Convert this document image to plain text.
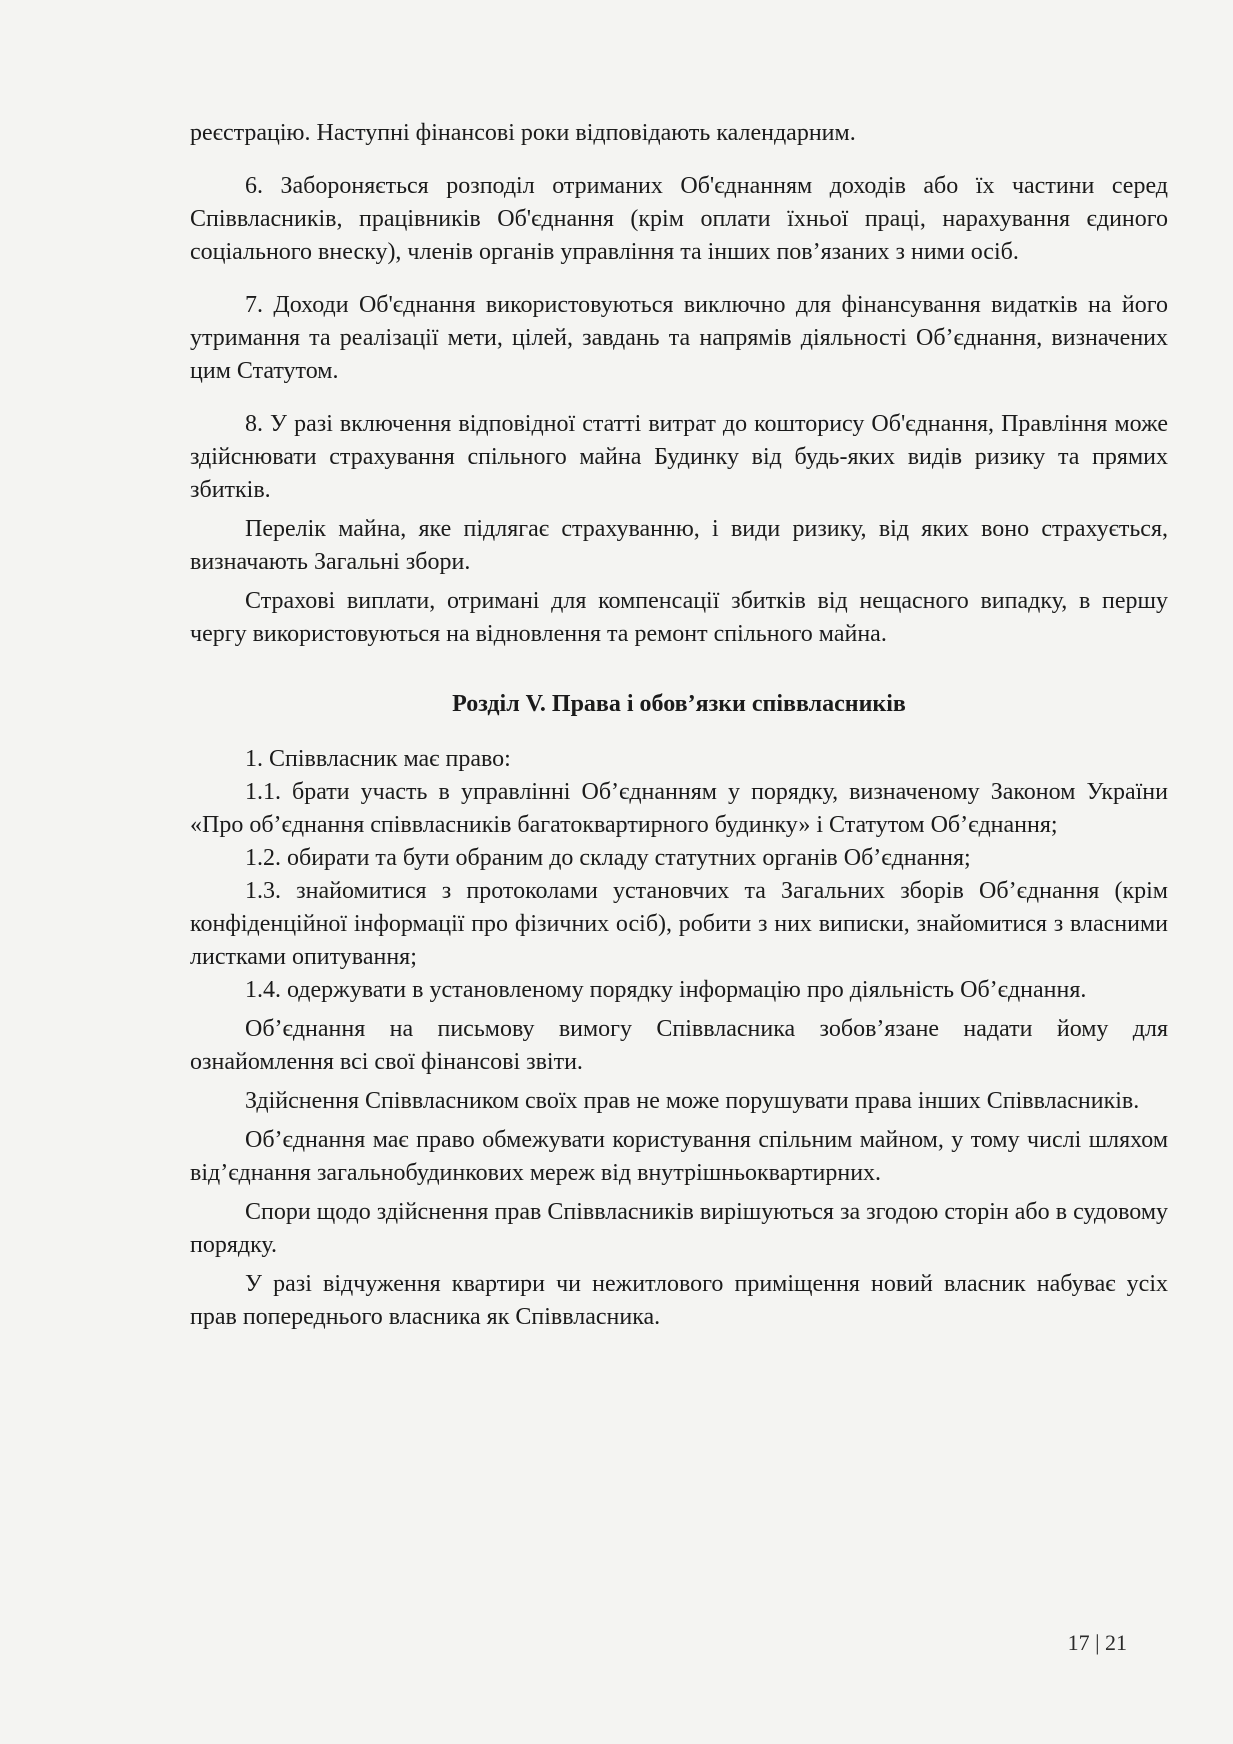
реєстрацію. Наступні фінансові роки відповідають календарним.

6. Забороняється розподіл отриманих Об'єднанням доходів або їх частини серед Співвласників, працівників Об'єднання (крім оплати їхньої праці, нарахування єдиного соціального внеску), членів органів управління та інших пов’язаних з ними осіб.

7. Доходи Об'єднання використовуються виключно для фінансування видатків на його утримання та реалізації мети, цілей, завдань та напрямів діяльності Об’єднання, визначених цим Статутом.

8. У разі включення відповідної статті витрат до кошторису Об'єднання, Правління може здійснювати страхування спільного майна Будинку від будь-яких видів ризику та прямих збитків.

Перелік майна, яке підлягає страхуванню, і види ризику, від яких воно страхується, визначають Загальні збори.

Страхові виплати, отримані для компенсації збитків від нещасного випадку, в першу чергу використовуються на відновлення та ремонт спільного майна.

Розділ V. Права і обов’язки співвласників

1. Співвласник має право:

1.1. брати участь в управлінні Об’єднанням у порядку, визначеному Законом України «Про об’єднання співвласників багатоквартирного будинку» і Статутом Об’єднання;

1.2. обирати та бути обраним до складу статутних органів Об’єднання;

1.3. знайомитися з протоколами установчих та Загальних зборів Об’єднання (крім конфіденційної інформації про фізичних осіб), робити з них виписки, знайомитися з власними листками опитування;

1.4. одержувати в установленому порядку інформацію про діяльність Об’єднання.

Об’єднання на письмову вимогу Співвласника зобов’язане надати йому для ознайомлення всі свої фінансові звіти.

Здійснення Співвласником своїх прав не може порушувати права інших Співвласників.

Об’єднання має право обмежувати користування спільним майном, у тому числі шляхом від’єднання загальнобудинкових мереж від внутрішньоквартирних.

Спори щодо здійснення прав Співвласників вирішуються за згодою сторін або в судовому порядку.

У разі відчуження квартири чи нежитлового приміщення новий власник набуває усіх прав попереднього власника як Співвласника.

17 | 21
